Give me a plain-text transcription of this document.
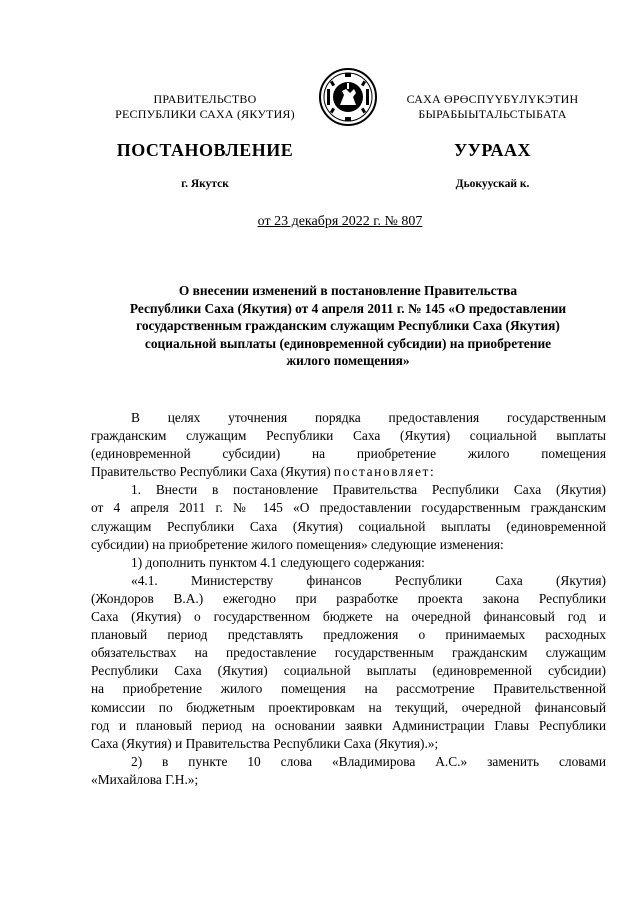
ПРАВИТЕЛЬСТВО
РЕСПУБЛИКИ САХА (ЯКУТИЯ)
САХА ӨРӨСПҮҮБҮЛҮКЭТИН
БЫРАБЫЫТАЛЬСТЫБАТА
ПОСТАНОВЛЕНИЕ	УУРААХ
г. Якутск	Дьокуускай к.
от 23 декабря 2022 г. № 807
О внесении изменений в постановление Правительства
Республики Саха (Якутия) от 4 апреля 2011 г. № 145 «О предоставлении
государственным гражданским служащим Республики Саха (Якутия)
социальной выплаты (единовременной субсидии) на приобретение
жилого помещения»
В целях уточнения порядка предоставления государственным
гражданским служащим Республики Саха (Якутия) социальной выплаты
(единовременной субсидии) на приобретение жилого помещения
Правительство Республики Саха (Якутия) постановляет:
1. Внести в постановление Правительства Республики Саха (Якутия)
от 4 апреля 2011 г. № 145 «О предоставлении государственным гражданским
служащим Республики Саха (Якутия) социальной выплаты (единовременной
субсидии) на приобретение жилого помещения» следующие изменения:
1) дополнить пунктом 4.1 следующего содержания:
«4.1. Министерству финансов Республики Саха (Якутия)
(Жондоров В.А.) ежегодно при разработке проекта закона Республики
Саха (Якутия) о государственном бюджете на очередной финансовый год и
плановый период представлять предложения о принимаемых расходных
обязательствах на предоставление государственным гражданским служащим
Республики Саха (Якутия) социальной выплаты (единовременной субсидии)
на приобретение жилого помещения на рассмотрение Правительственной
комиссии по бюджетным проектировкам на текущий, очередной финансовый
год и плановый период на основании заявки Администрации Главы Республики
Саха (Якутия) и Правительства Республики Саха (Якутия).»;
2) в пункте 10 слова «Владимирова А.С.» заменить словами
«Михайлова Г.Н.»;
